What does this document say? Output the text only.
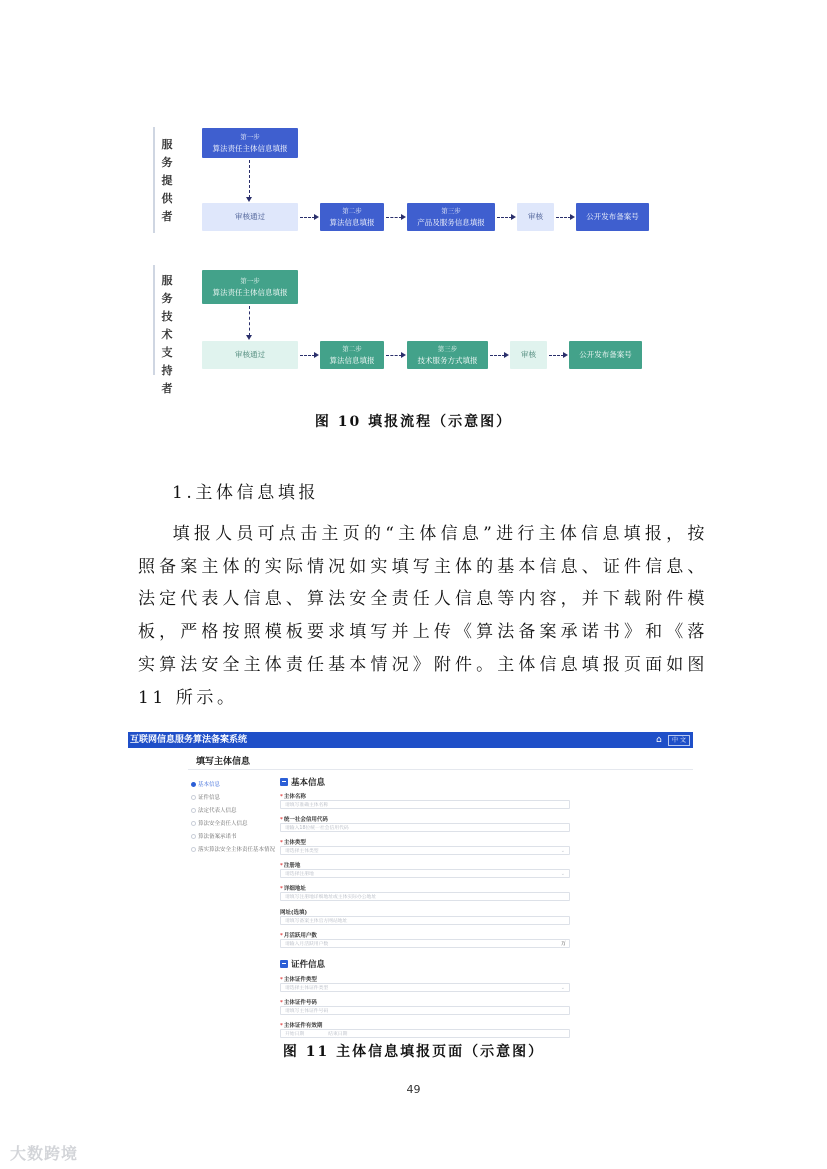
服务提供者
第一步
算法责任主体信息填报
审核通过
第二步
算法信息填报
第三步
产品及服务信息填报
审核	公开发布备案号
服务技术支持者
第一步
算法责任主体信息填报
审核通过
第二步
算法信息填报
第三步
技术服务方式填报
审核	公开发布备案号
图 10 填报流程（示意图）
1.主体信息填报
填报人员可点击主页的“主体信息”进行主体信息填报，按照备案主体的实际情况如实填写主体的基本信息、证件信息、法定代表人信息、算法安全责任人信息等内容，并下载附件模板，严格按照模板要求填写并上传《算法备案承诺书》和《落实算法安全主体责任基本情况》附件。主体信息填报页面如图 11 所示。
互联网信息服务算法备案系统	⌂	中 文
填写主体信息
基本信息
证件信息
法定代表人信息
算法安全责任人信息
算法备案承诺书
落实算法安全主体责任基本情况
基本信息
*主体名称
请填写准确主体名称
*统一社会信用代码
请输入18位统一社会信用代码
*主体类型
请选择主体类型	⌄
*注册地
请选择注册地	⌄
*详细地址
请填写注册地详细地址或主体实际办公地址
网址(选填)
请填写备案主体官方网站地址
*月活跃用户数
请输入月活跃用户数	万
证件信息
*主体证件类型
请选择主体证件类型	⌄
*主体证件号码
请填写主体证件号码
*主体证件有效期
开始日期　　　　　结束日期
图 11 主体信息填报页面（示意图）
49
大数跨境
